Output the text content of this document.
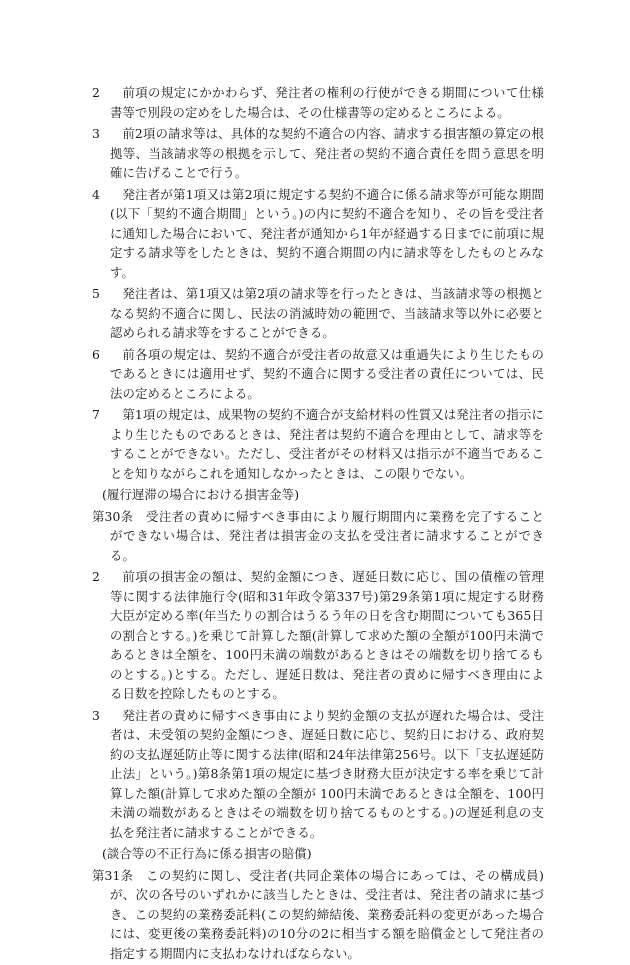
2	前項の規定にかかわらず、発注者の権利の行使ができる期間について仕様書等で別段の定めをした場合は、その仕様書等の定めるところによる。
3	前2項の請求等は、具体的な契約不適合の内容、請求する損害額の算定の根拠等、当該請求等の根拠を示して、発注者の契約不適合責任を問う意思を明確に告げることで行う。
4	発注者が第1項又は第2項に規定する契約不適合に係る請求等が可能な期間(以下「契約不適合期間」という。)の内に契約不適合を知り、その旨を受注者に通知した場合において、発注者が通知から1年が経過する日までに前項に規定する請求等をしたときは、契約不適合期間の内に請求等をしたものとみなす。
5	発注者は、第1項又は第2項の請求等を行ったときは、当該請求等の根拠となる契約不適合に関し、民法の消滅時効の範囲で、当該請求等以外に必要と認められる請求等をすることができる。
6	前各項の規定は、契約不適合が受注者の故意又は重過失により生じたものであるときには適用せず、契約不適合に関する受注者の責任については、民法の定めるところによる。
7	第1項の規定は、成果物の契約不適合が支給材料の性質又は発注者の指示により生じたものであるときは、発注者は契約不適合を理由として、請求等をすることができない。ただし、受注者がその材料又は指示が不適当であることを知りながらこれを通知しなかったときは、この限りでない。
(履行遅滞の場合における損害金等)
第30条	受注者の責めに帰すべき事由により履行期間内に業務を完了することができない場合は、発注者は損害金の支払を受注者に請求することができる。
2	前項の損害金の額は、契約金額につき、遅延日数に応じ、国の債権の管理等に関する法律施行令(昭和31年政令第337号)第29条第1項に規定する財務大臣が定める率(年当たりの割合はうるう年の日を含む期間についても365日の割合とする。)を乗じて計算した額(計算して求めた額の全額が100円未満であるときは全額を、100円未満の端数があるときはその端数を切り捨てるものとする。)とする。ただし、遅延日数は、発注者の責めに帰すべき理由による日数を控除したものとする。
3	発注者の責めに帰すべき事由により契約金額の支払が遅れた場合は、受注者は、未受領の契約金額につき、遅延日数に応じ、契約日における、政府契約の支払遅延防止等に関する法律(昭和24年法律第256号。以下「支払遅延防止法」という。)第8条第1項の規定に基づき財務大臣が決定する率を乗じて計算した額(計算して求めた額の全額が 100円未満であるときは全額を、100円未満の端数があるときはその端数を切り捨てるものとする。)の遅延利息の支払を発注者に請求することができる。
(談合等の不正行為に係る損害の賠償)
第31条	この契約に関し、受注者(共同企業体の場合にあっては、その構成員)が、次の各号のいずれかに該当したときは、受注者は、発注者の請求に基づき、この契約の業務委託料(この契約締結後、業務委託料の変更があった場合には、変更後の業務委託料)の10分の2に相当する額を賠償金として発注者の指定する期間内に支払わなければならない。
